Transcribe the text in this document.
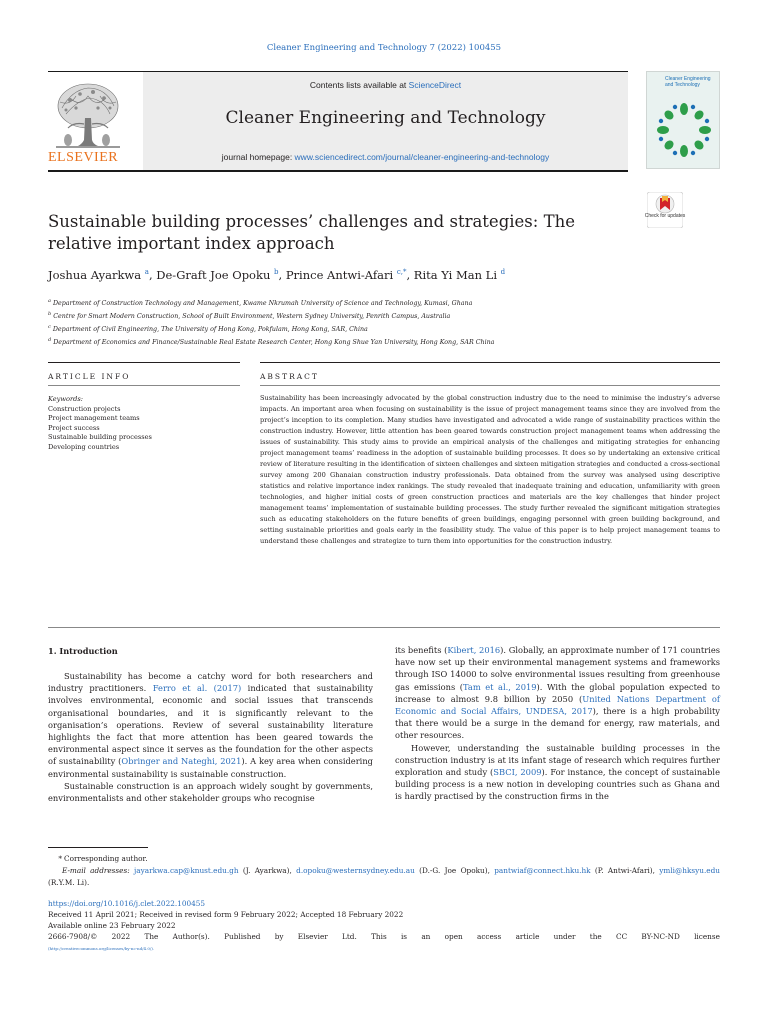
Cleaner Engineering and Technology 7 (2022) 100455
ELSEVIER
Contents lists available at ScienceDirect
Cleaner Engineering and Technology
journal homepage: www.sciencedirect.com/journal/cleaner-engineering-and-technology
Cleaner Engineering and Technology
Check for updates
Sustainable building processes’ challenges and strategies: The relative important index approach
Joshua Ayarkwa $^a$, De-Graft Joe Opoku $^b$, Prince Antwi-Afari $^{c,*}$, Rita Yi Man Li $^d$
$^a$ Department of Construction Technology and Management, Kwame Nkrumah University of Science and Technology, Kumasi, Ghana
$^b$ Centre for Smart Modern Construction, School of Built Environment, Western Sydney University, Penrith Campus, Australia
$^c$ Department of Civil Engineering, The University of Hong Kong, Pokfulam, Hong Kong, SAR, China
$^d$ Department of Economics and Finance/Sustainable Real Estate Research Center, Hong Kong Shue Yan University, Hong Kong, SAR China
ARTICLE INFO	ABSTRACT
Keywords:
Construction projects
Project management teams
Project success
Sustainable building processes
Developing countries
Sustainability has been increasingly advocated by the global construction industry due to the need to minimise the industry’s adverse impacts. An important area when focusing on sustainability is the issue of project management teams since they are involved from the project’s inception to its completion. Many studies have investigated and advocated a wide range of sustainability practices within the construction industry. However, little attention has been geared towards construction project management teams when addressing the issues of sustainability. This study aims to provide an empirical analysis of the challenges and mitigating strategies for enhancing project management teams’ readiness in the adoption of sustainable building processes. It does so by undertaking an extensive critical review of literature resulting in the identification of sixteen challenges and sixteen mitigation strategies and conducted a cross-sectional survey among 200 Ghanaian construction industry professionals. Data obtained from the survey was analysed using descriptive statistics and relative importance index rankings. The study revealed that inadequate training and education, unfamiliarity with green technologies, and higher initial costs of green construction practices and materials are the key challenges that hinder project management teams’ implementation of sustainable building processes. The study further revealed the significant mitigation strategies such as educating stakeholders on the future benefits of green buildings, engaging personnel with green building background, and setting sustainable priorities and goals early in the feasibility study. The value of this paper is to help project management teams to understand these challenges and strategize to turn them into opportunities for the construction industry.
1. Introduction

Sustainability has become a catchy word for both researchers and industry practitioners. Ferro et al. (2017) indicated that sustainability involves environmental, economic and social issues that transcends organisational boundaries, and it is significantly relevant to the organisation’s operations. Review of several sustainability literature highlights the fact that more attention has been geared towards the environmental aspect since it serves as the foundation for the other aspects of sustainability (Obringer and Nateghi, 2021). A key area when considering environmental sustainability is sustainable construction.

Sustainable construction is an approach widely sought by governments, environmentalists and other stakeholder groups who recognise

its benefits (Kibert, 2016). Globally, an approximate number of 171 countries have now set up their environmental management systems and frameworks through ISO 14000 to solve environmental issues resulting from greenhouse gas emissions (Tam et al., 2019). With the global population expected to increase to almost 9.8 billion by 2050 (United Nations Department of Economic and Social Affairs, UNDESA, 2017), there is a high probability that there would be a surge in the demand for energy, raw materials, and other resources.

However, understanding the sustainable building processes in the construction industry is at its infant stage of research which requires further exploration and study (SBCI, 2009). For instance, the concept of sustainable building process is a new notion in developing countries such as Ghana and is hardly practised by the construction firms in the

* Corresponding author.
E-mail addresses: jayarkwa.cap@knust.edu.gh (J. Ayarkwa), d.opoku@westernsydney.edu.au (D.-G. Joe Opoku), pantwiaf@connect.hku.hk (P. Antwi-Afari), ymli@hksyu.edu (R.Y.M. Li).
https://doi.org/10.1016/j.clet.2022.100455
Received 11 April 2021; Received in revised form 9 February 2022; Accepted 18 February 2022
Available online 23 February 2022
2666-7908/© 2022 The Author(s). Published by Elsevier Ltd. This is an open access article under the CC BY-NC-ND license
(http://creativecommons.org/licenses/by-nc-nd/4.0/).
